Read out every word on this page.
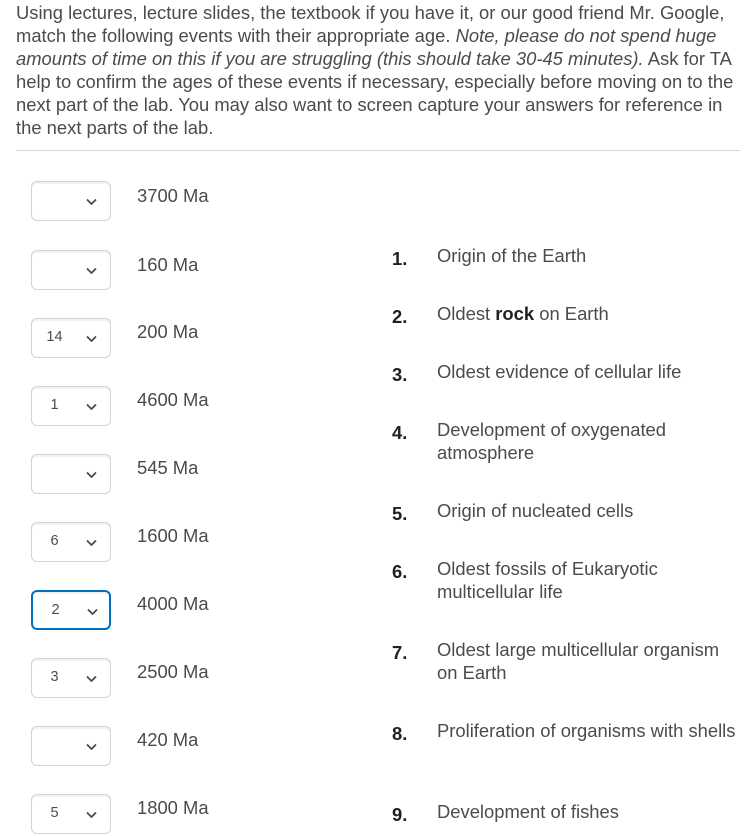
Using lectures, lecture slides, the textbook if you have it, or our good friend Mr. Google, match the following events with their appropriate age. Note, please do not spend huge amounts of time on this if you are struggling (this should take 30-45 minutes). Ask for TA help to confirm the ages of these events if necessary, especially before moving on to the next part of the lab. You may also want to screen capture your answers for reference in the next parts of the lab.
3700 Ma
160 Ma
14	200 Ma
1	4600 Ma
545 Ma
6	1600 Ma
2	4000 Ma
3	2500 Ma
420 Ma
5	1800 Ma
1. Origin of the Earth
2. Oldest rock on Earth
3. Oldest evidence of cellular life
4. Development of oxygenated atmosphere
5. Origin of nucleated cells
6. Oldest fossils of Eukaryotic multicellular life
7. Oldest large multicellular organism on Earth
8. Proliferation of organisms with shells
9. Development of fishes
